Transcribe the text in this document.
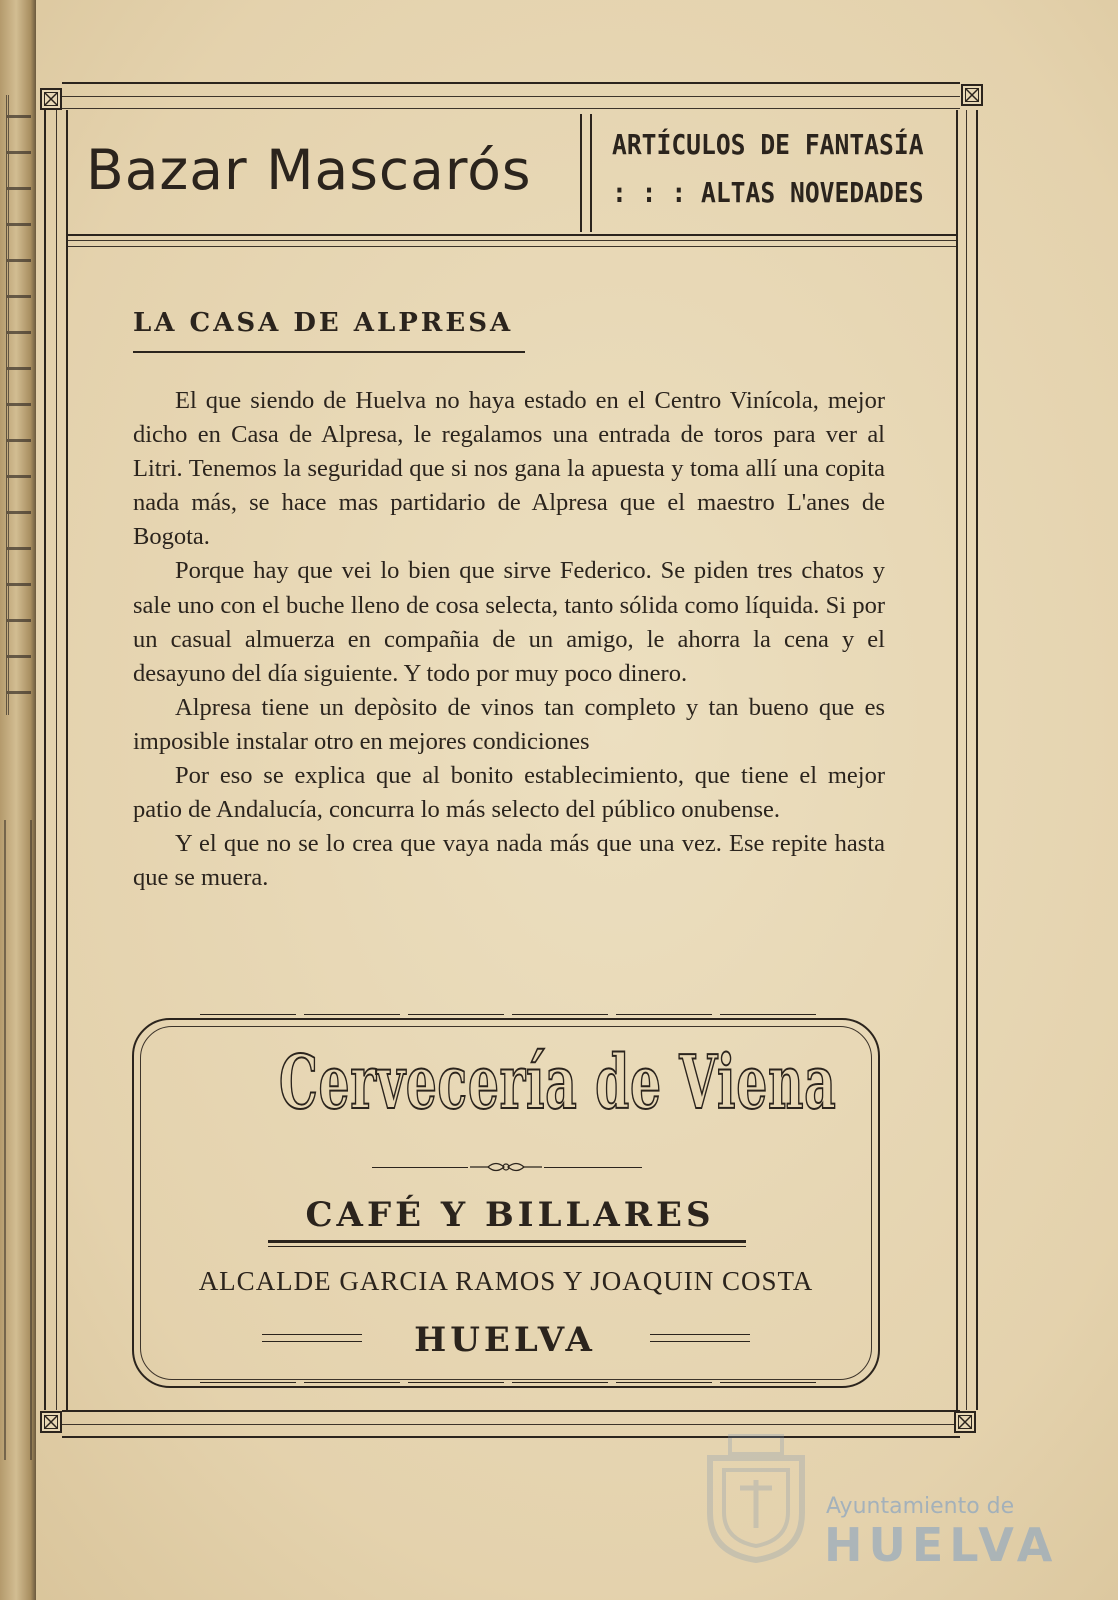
Bazar Mascarós	ARTÍCULOS DE FANTASÍA
: : : ALTAS NOVEDADES
LA CASA DE ALPRESA

El que siendo de Huelva no haya estado en el Centro Vinícola, mejor dicho en Casa de Alpresa, le regalamos una entrada de toros para ver al Litri. Tenemos la seguridad que si nos gana la apuesta y toma allí una copita nada más, se hace mas partidario de Alpresa que el maestro L'anes de Bogota.

Porque hay que vei lo bien que sirve Federico. Se piden tres chatos y sale uno con el buche lleno de cosa selecta, tanto sólida como líquida. Si por un casual almuerza en compañia de un amigo, le ahorra la cena y el desayuno del día siguiente. Y todo por muy poco dinero.

Alpresa tiene un depòsito de vinos tan completo y tan bueno que es imposible instalar otro en mejores condiciones

Por eso se explica que al bonito establecimiento, que tiene el mejor patio de Andalucía, concurra lo más selecto del público onubense.

Y el que no se lo crea que vaya nada más que una vez. Ese repite hasta que se muera.

Cervecería de Viena
CAFÉ Y BILLARES
ALCALDE GARCIA RAMOS Y JOAQUIN COSTA
HUELVA
Ayuntamiento de
HUELVA
